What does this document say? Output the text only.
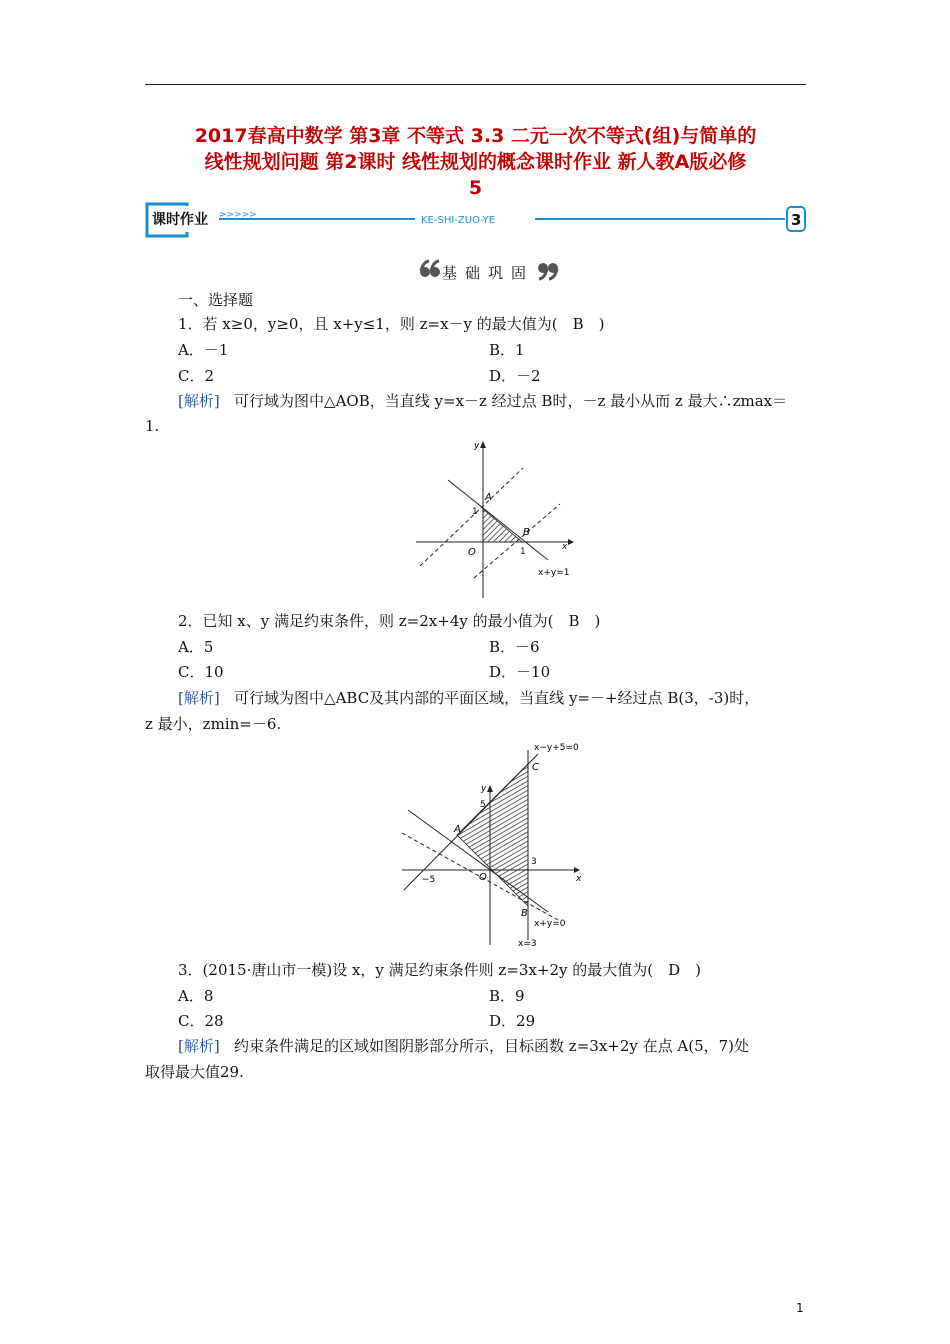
2017春高中数学 第3章 不等式 3.3 二元一次不等式(组)与简单的
线性规划问题 第2课时 线性规划的概念课时作业 新人教A版必修
5
课时作业 >>>>>	KE-SHI-ZUO-YE	3
基础巩固
一、选择题
1．若 x≥0，y≥0，且 x+y≤1，则 z=x－y 的最大值为(　B　)
A．－1	B．1
C．2	D．－2
[解析] 可行域为图中△AOB，当直线 y=x－z 经过点 B时，－z 最小从而 z 最大∴zmax＝
1.
y
x
A
B
O
1
1
x+y=1
2．已知 x、y 满足约束条件，则 z=2x+4y 的最小值为(　B　)
A．5	B．－6
C．10	D．－10
[解析] 可行域为图中△ABC及其内部的平面区域，当直线 y=－+经过点 B(3，-3)时，
z 最小，zmin=－6.
y
x
A
B
C
O
5
−5
3
x−y+5=0
x+y=0
x=3
3．(2015·唐山市一模)设 x，y 满足约束条件则 z=3x+2y 的最大值为(　D　)
A．8	B．9
C．28	D．29
[解析] 约束条件满足的区域如图阴影部分所示，目标函数 z=3x+2y 在点 A(5，7)处
取得最大值29.
1
